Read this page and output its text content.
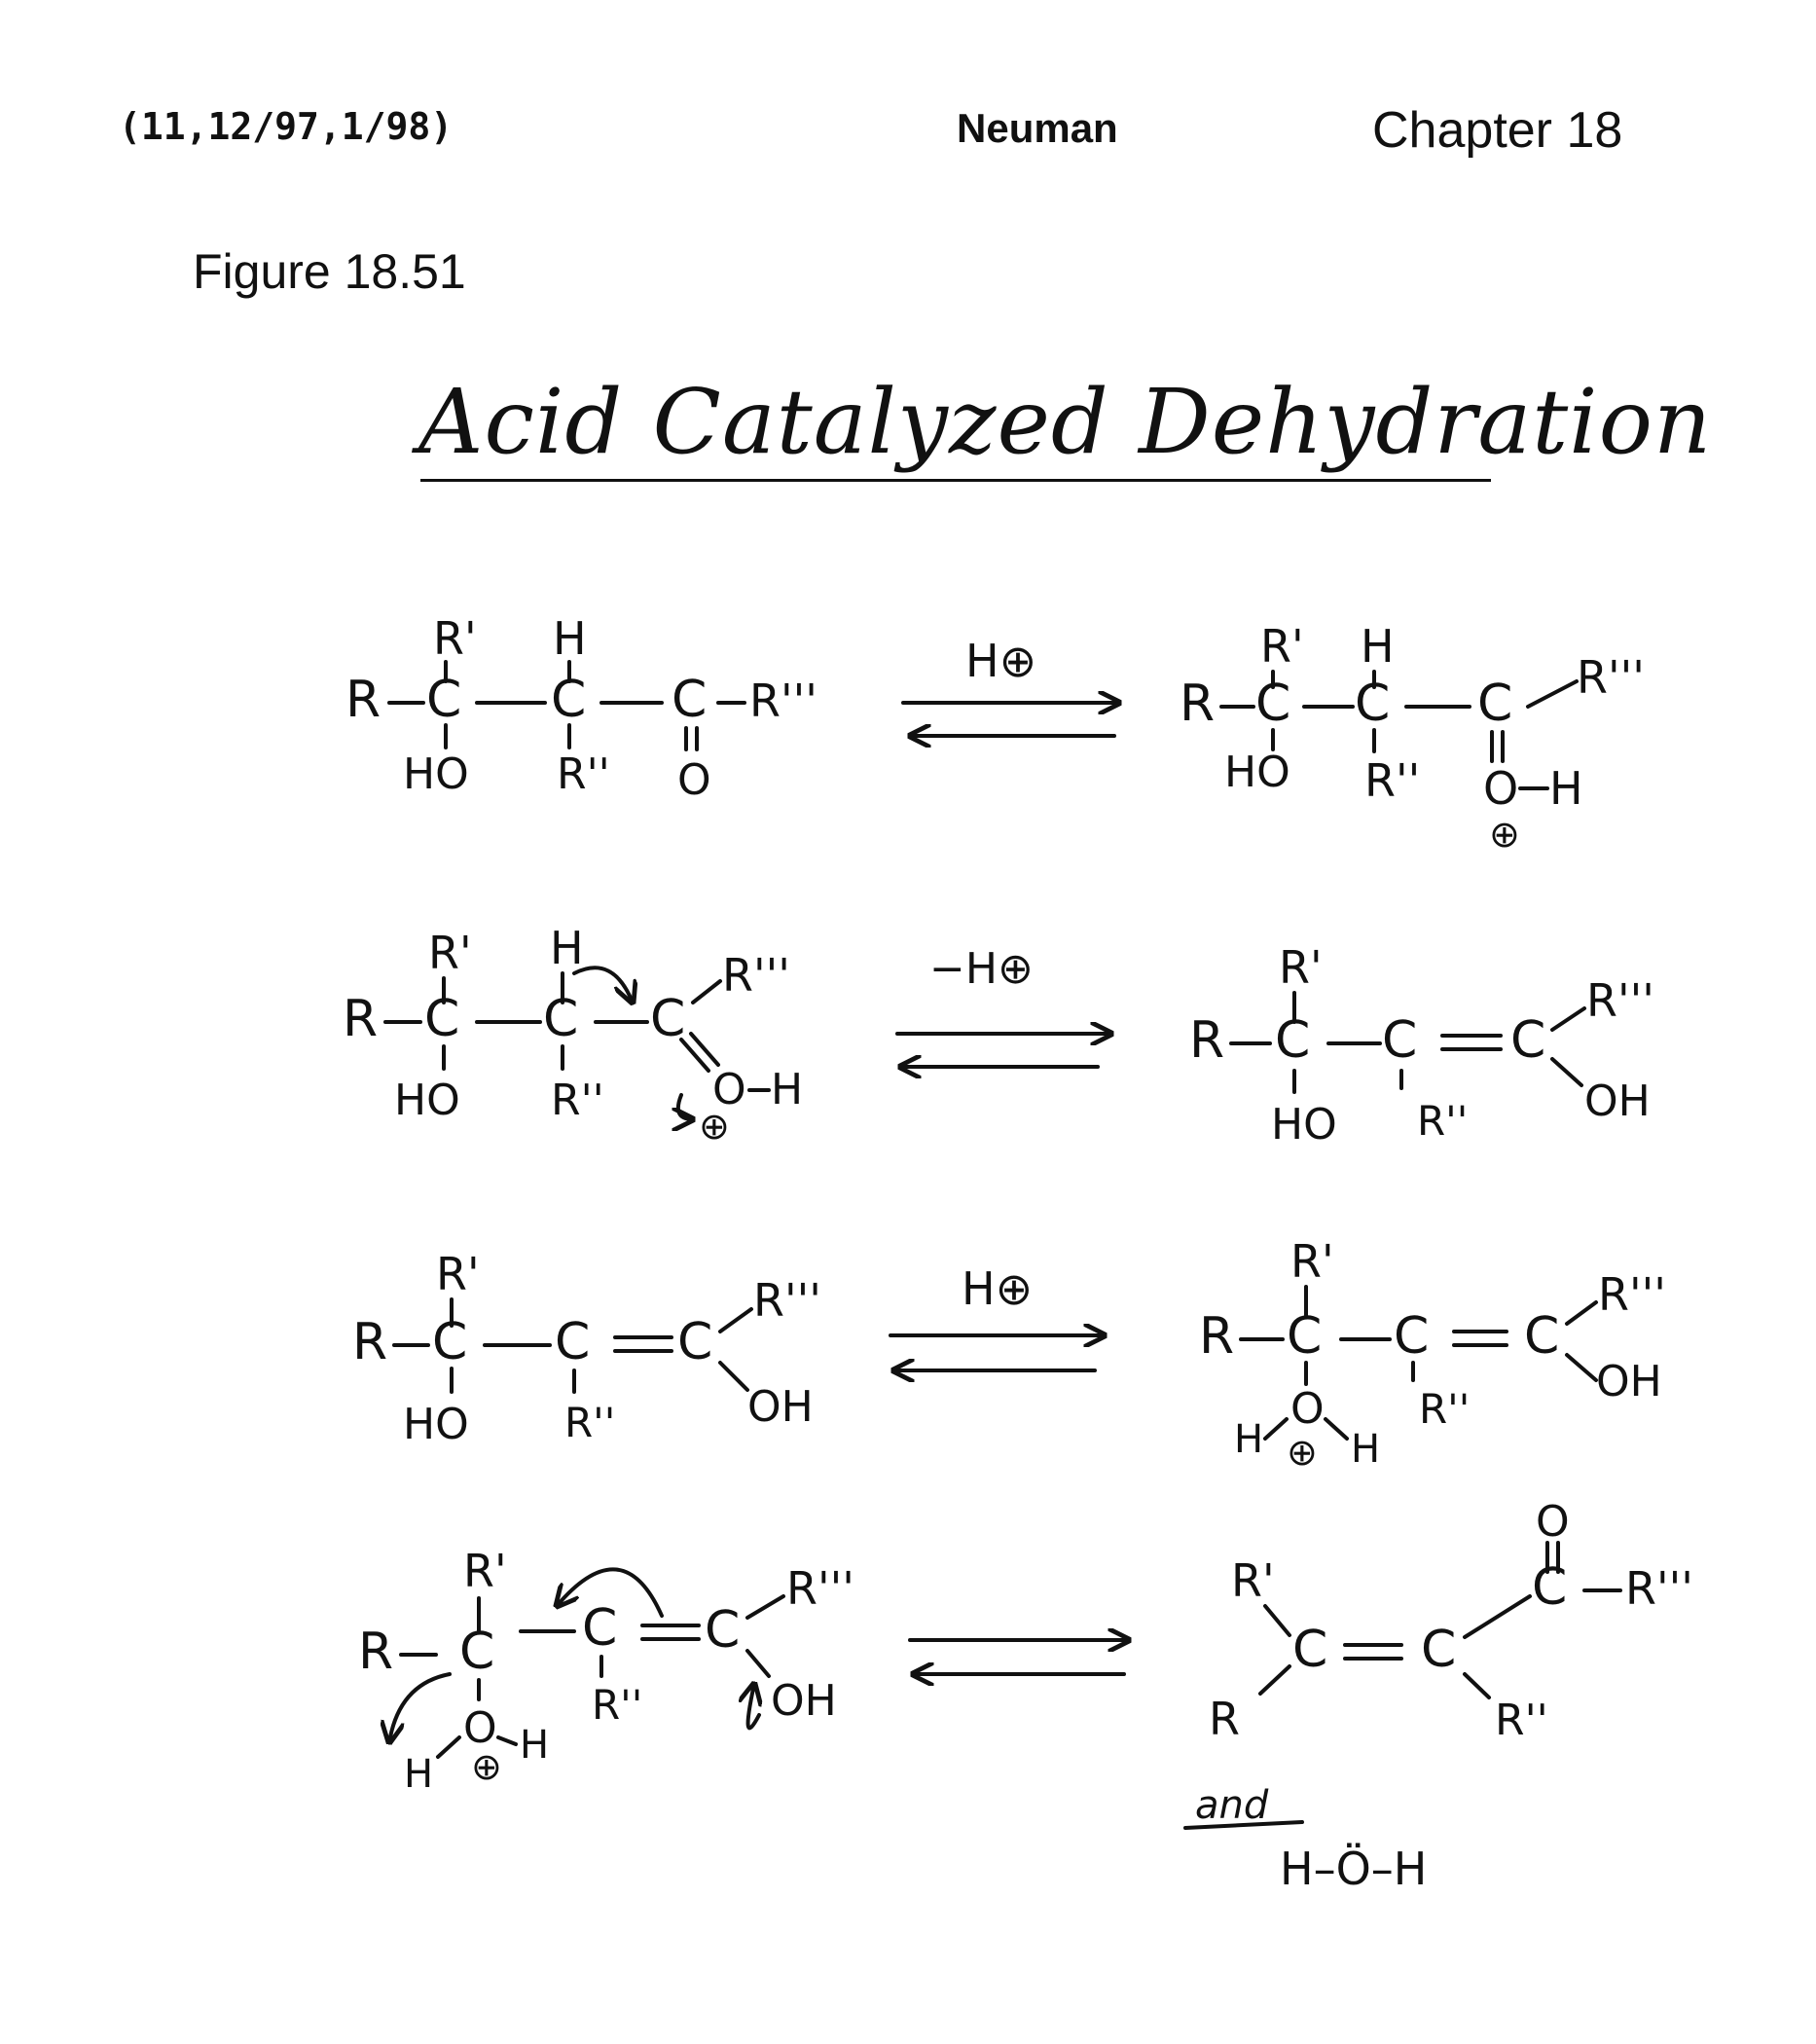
(11,12/97,1/98)	Neuman	Chapter 18
Figure 18.51
Acid Catalyzed Dehydration
R C
R'
HO
C
H
R''
C R'''
O
H⊕
R C
R'
HO
C
H
R''
C R'''
O H
⊕
R C
R'
HO
C
H
R''
C
R'''
O H
⊕
−H⊕
R C
R'
HO
C
R''
C
R'''
OH
R C
R'
HO
C
R''
C
R'''
OH
H⊕
R C
R'
O
H H
⊕
C
R''
C
R'''
OH
R C
R'
O
H
H
⊕
C
R''
C
R'''
OH
R'
C
R
C
C
O
R'''
R''
and
H–Ö–H
